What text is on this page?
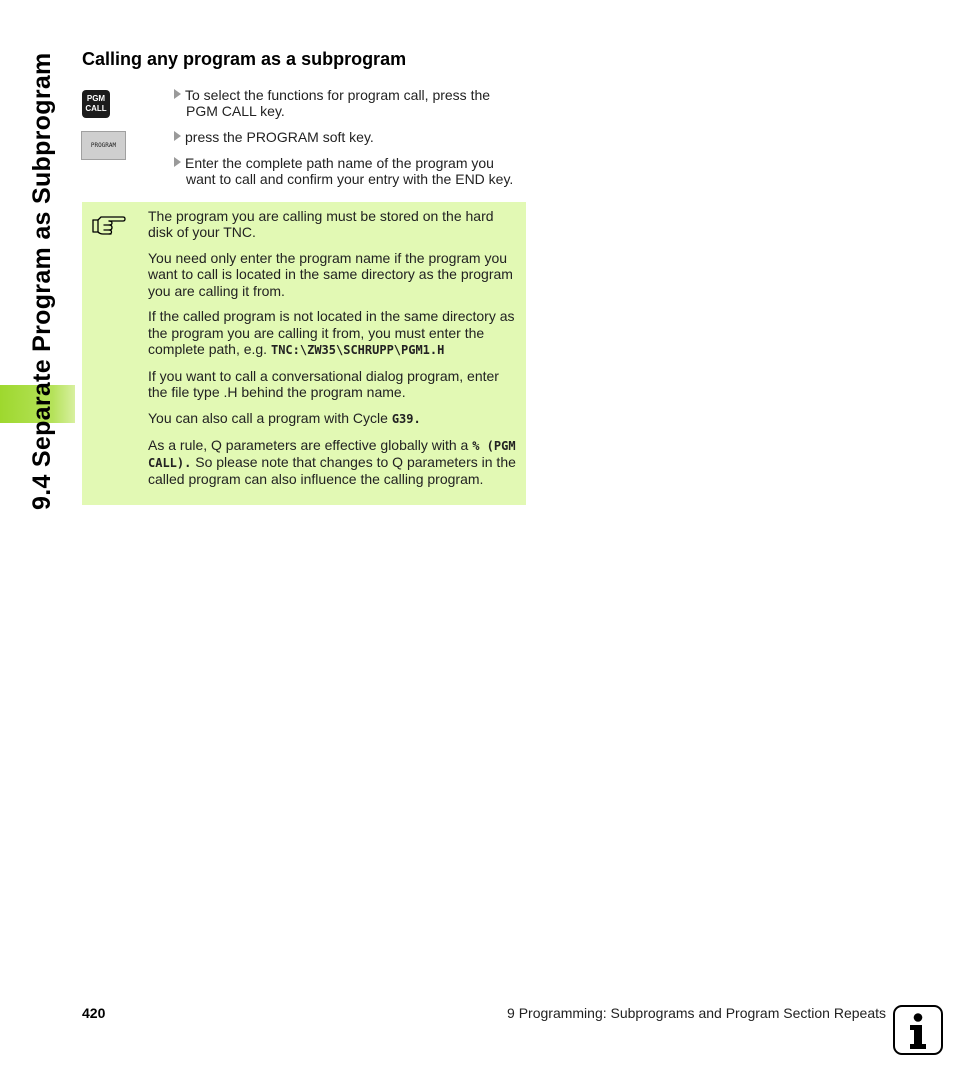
9.4 Separate Program as Subprogram Calling any program as a subprogram
PGM
CALL
PROGRAM
To select the functions for program call, press the
PGM CALL key.
press the PROGRAM soft key.
Enter the complete path name of the program you
want to call and confirm your entry with the END key.

The program you are calling must be stored on the hard disk of your TNC.

You need only enter the program name if the program you want to call is located in the same directory as the program you are calling it from.

If the called program is not located in the same directory as the program you are calling it from, you must enter the complete path, e.g. TNC:\ZW35\SCHRUPP\PGM1.H

If you want to call a conversational dialog program, enter the file type .H behind the program name.

You can also call a program with Cycle G39.

As a rule, Q parameters are effective globally with a % (PGM CALL). So please note that changes to Q parameters in the called program can also influence the calling program.

420	9 Programming: Subprograms and Program Section Repeats
